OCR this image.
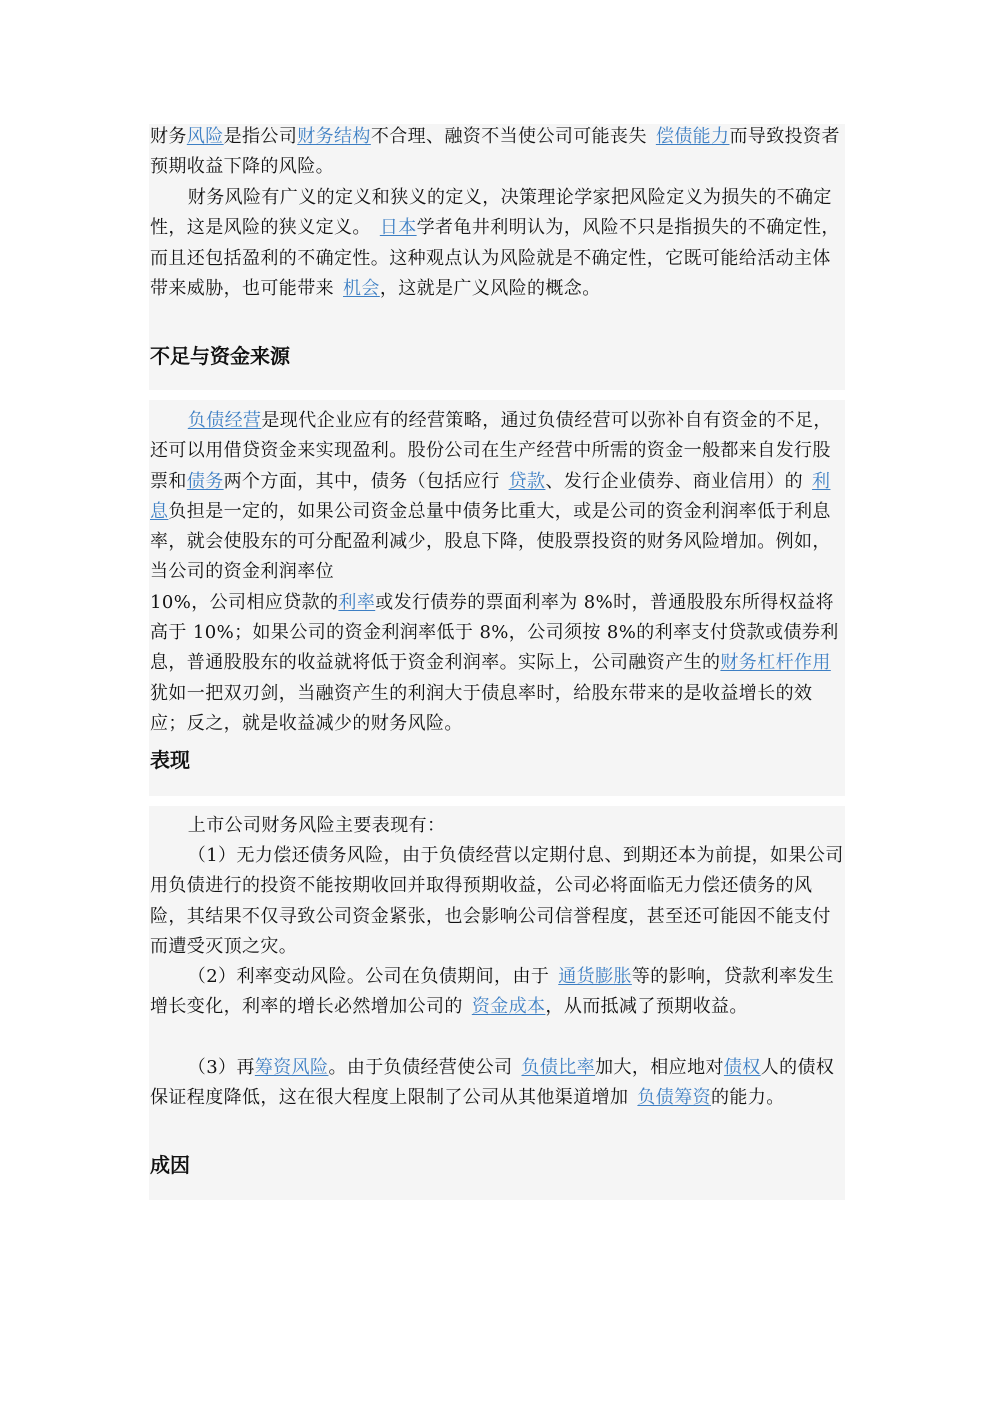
财务风险是指公司财务结构不合理、融资不当使公司可能丧失 偿债能力而导致投资者预期收益下降的风险。

财务风险有广义的定义和狭义的定义，决策理论学家把风险定义为损失的不确定性，这是风险的狭义定义。 日本学者龟井利明认为，风险不只是指损失的不确定性，而且还包括盈利的不确定性。这种观点认为风险就是不确定性，它既可能给活动主体带来威胁，也可能带来 机会，这就是广义风险的概念。

不足与资金来源

负债经营是现代企业应有的经营策略，通过负债经营可以弥补自有资金的不足，还可以用借贷资金来实现盈利。股份公司在生产经营中所需的资金一般都来自发行股票和债务两个方面，其中，债务（包括应行 贷款、发行企业债券、商业信用）的 利息负担是一定的，如果公司资金总量中债务比重大，或是公司的资金利润率低于利息率，就会使股东的可分配盈利减少，股息下降，使股票投资的财务风险增加。例如，当公司的资金利润率位
10%，公司相应贷款的利率或发行债券的票面利率为 8%时，普通股股东所得权益将高于 10%；如果公司的资金利润率低于 8%，公司须按 8%的利率支付贷款或债券利息，普通股股东的收益就将低于资金利润率。实际上，公司融资产生的财务杠杆作用犹如一把双刃剑，当融资产生的利润大于债息率时，给股东带来的是收益增长的效应；反之，就是收益减少的财务风险。

表现

上市公司财务风险主要表现有：

（1）无力偿还债务风险，由于负债经营以定期付息、到期还本为前提，如果公司用负债进行的投资不能按期收回并取得预期收益，公司必将面临无力偿还债务的风险，其结果不仅寻致公司资金紧张，也会影响公司信誉程度，甚至还可能因不能支付而遭受灭顶之灾。

（2）利率变动风险。公司在负债期间，由于 通货膨胀等的影响，贷款利率发生增长变化，利率的增长必然增加公司的 资金成本，从而抵减了预期收益。

（3）再筹资风险。由于负债经营使公司 负债比率加大，相应地对债权人的债权保证程度降低，这在很大程度上限制了公司从其他渠道增加 负债筹资的能力。

成因
